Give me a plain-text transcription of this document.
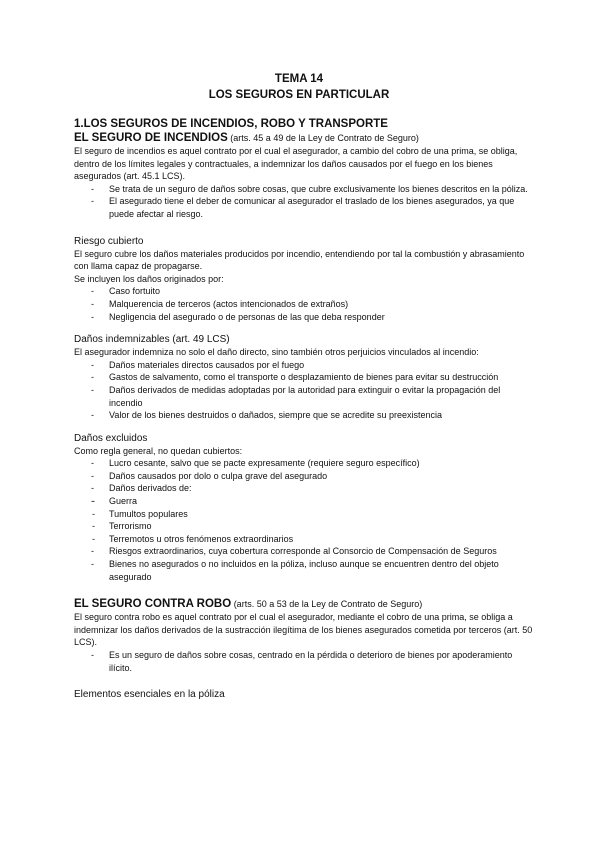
TEMA 14
LOS SEGUROS EN PARTICULAR
1.LOS SEGUROS DE INCENDIOS, ROBO Y TRANSPORTE
EL SEGURO DE INCENDIOS (arts. 45 a 49 de la Ley de Contrato de Seguro)

El seguro de incendios es aquel contrato por el cual el asegurador, a cambio del cobro de una prima, se obliga, dentro de los límites legales y contractuales, a indemnizar los daños causados por el fuego en los bienes asegurados (art. 45.1 LCS).

- Se trata de un seguro de daños sobre cosas, que cubre exclusivamente los bienes descritos en la póliza.
- El asegurado tiene el deber de comunicar al asegurador el traslado de los bienes asegurados, ya que puede afectar al riesgo.
Riesgo cubierto

El seguro cubre los daños materiales producidos por incendio, entendiendo por tal la combustión y abrasamiento con llama capaz de propagarse.

Se incluyen los daños originados por:

- Caso fortuito
- Malquerencia de terceros (actos intencionados de extraños)
- Negligencia del asegurado o de personas de las que deba responder
Daños indemnizables (art. 49 LCS)

El asegurador indemniza no solo el daño directo, sino también otros perjuicios vinculados al incendio:

- Daños materiales directos causados por el fuego
- Gastos de salvamento, como el transporte o desplazamiento de bienes para evitar su destrucción
- Daños derivados de medidas adoptadas por la autoridad para extinguir o evitar la propagación del incendio
- Valor de los bienes destruidos o dañados, siempre que se acredite su preexistencia
Daños excluidos

Como regla general, no quedan cubiertos:

- Lucro cesante, salvo que se pacte expresamente (requiere seguro específico)
- Daños causados por dolo o culpa grave del asegurado
- Daños derivados de:
- - Guerra
- Tumultos populares
- Terrorismo
- Terremotos u otros fenómenos extraordinarios
- Riesgos extraordinarios, cuya cobertura corresponde al Consorcio de Compensación de Seguros
- Bienes no asegurados o no incluidos en la póliza, incluso aunque se encuentren dentro del objeto asegurado
EL SEGURO CONTRA ROBO (arts. 50 a 53 de la Ley de Contrato de Seguro)

El seguro contra robo es aquel contrato por el cual el asegurador, mediante el cobro de una prima, se obliga a indemnizar los daños derivados de la sustracción ilegítima de los bienes asegurados cometida por terceros (art. 50 LCS).

- Es un seguro de daños sobre cosas, centrado en la pérdida o deterioro de bienes por apoderamiento ilícito.
Elementos esenciales en la póliza
